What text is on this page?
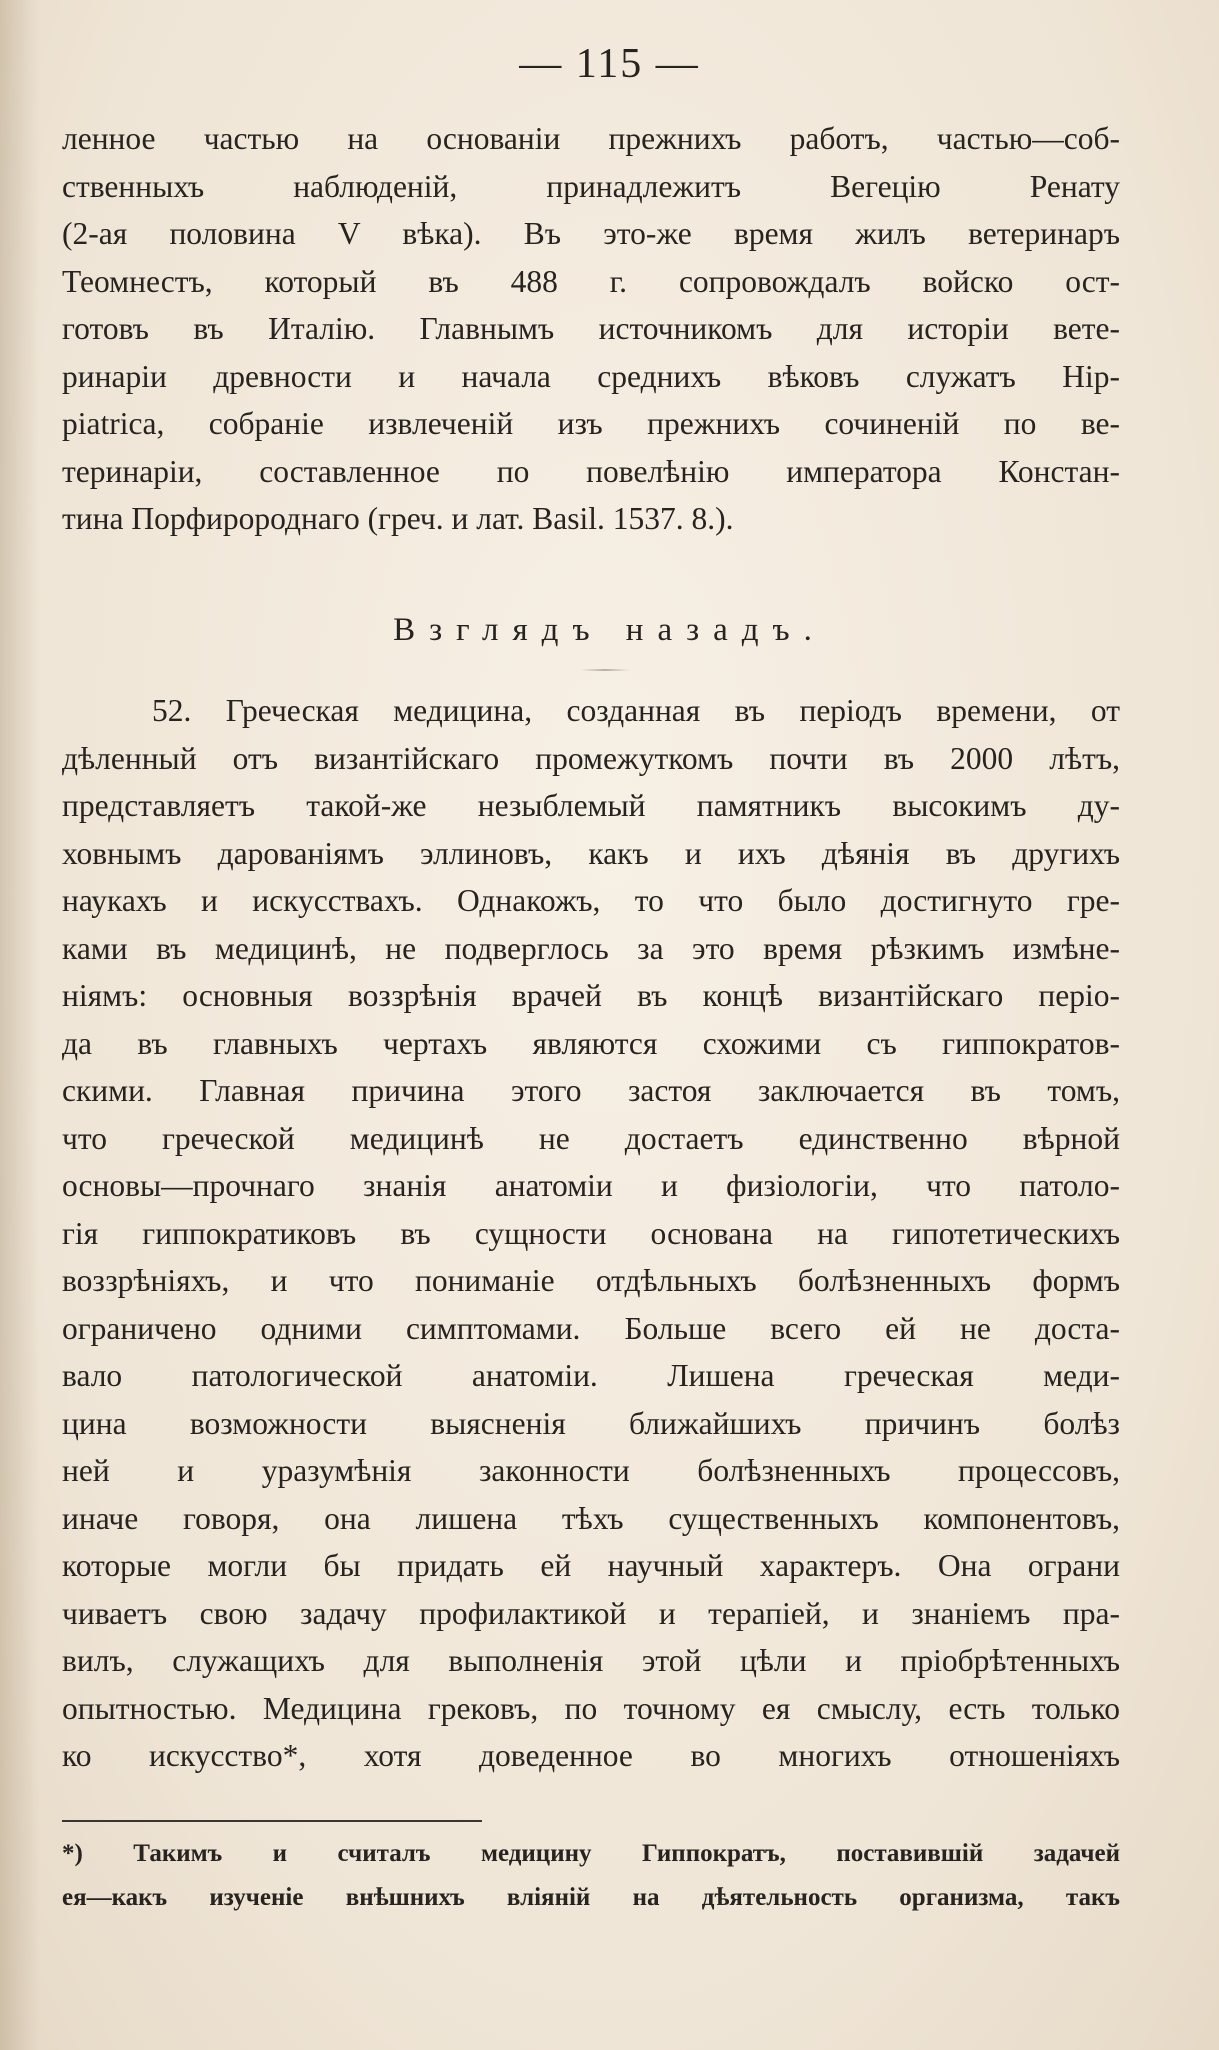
— 115 —
ленное частью на основаніи прежнихъ работъ, частью—соб-
ственныхъ наблюденій, принадлежитъ Вегецію Ренату
(2-ая половина V вѣка). Въ это-же время жилъ ветеринаръ
Теомнестъ, который въ 488 г. сопровождалъ войско ост-
готовъ въ Италію. Главнымъ источникомъ для исторіи вете-
ринаріи древности и начала среднихъ вѣковъ служатъ Hip-
piatrica, собраніе извлеченій изъ прежнихъ сочиненій по ве-
теринаріи, составленное по повелѣнію императора Констан-
тина Порфиророднаго (греч. и лат. Basil. 1537. 8.).
Взглядъ назадъ.
52. Греческая медицина, созданная въ періодъ времени, от
дѣленный отъ византійскаго промежуткомъ почти въ 2000 лѣтъ,
представляетъ такой-же незыблемый памятникъ высокимъ ду-
ховнымъ дарованіямъ эллиновъ, какъ и ихъ дѣянія въ другихъ
наукахъ и искусствахъ. Однакожъ, то что было достигнуто гре-
ками въ медицинѣ, не подверглось за это время рѣзкимъ измѣне-
ніямъ: основныя воззрѣнія врачей въ концѣ византійскаго перiо-
да въ главныхъ чертахъ являются схожими съ гиппократов-
скими. Главная причина этого застоя заключается въ томъ,
что греческой медицинѣ не достаетъ единственно вѣрной
основы—прочнаго знанія анатоміи и физіологіи, что патоло-
гія гиппократиковъ въ сущности основана на гипотетическихъ
воззрѣніяхъ, и что пониманіе отдѣльныхъ болѣзненныхъ формъ
ограничено одними симптомами. Больше всего ей не доста-
вало патологической анатоміи. Лишена греческая меди-
цина возможности выясненія ближайшихъ причинъ болѣз
ней и уразумѣнія законности болѣзненныхъ процессовъ,
иначе говоря, она лишена тѣхъ существенныхъ компонентовъ,
которые могли бы придать ей научный характеръ. Она ограни
чиваетъ свою задачу профилактикой и терапіей, и знаніемъ пра-
вилъ, служащихъ для выполненія этой цѣли и пріобрѣтенныхъ
опытностью. Медицина грековъ, по точному ея смыслу, есть только
ко искусство*, хотя доведенное во многихъ отношеніяхъ
*) Такимъ и считалъ медицину Гиппократъ, поставившій задачей
ея—какъ изученіе внѣшнихъ вліяній на дѣятельность организма, такъ
